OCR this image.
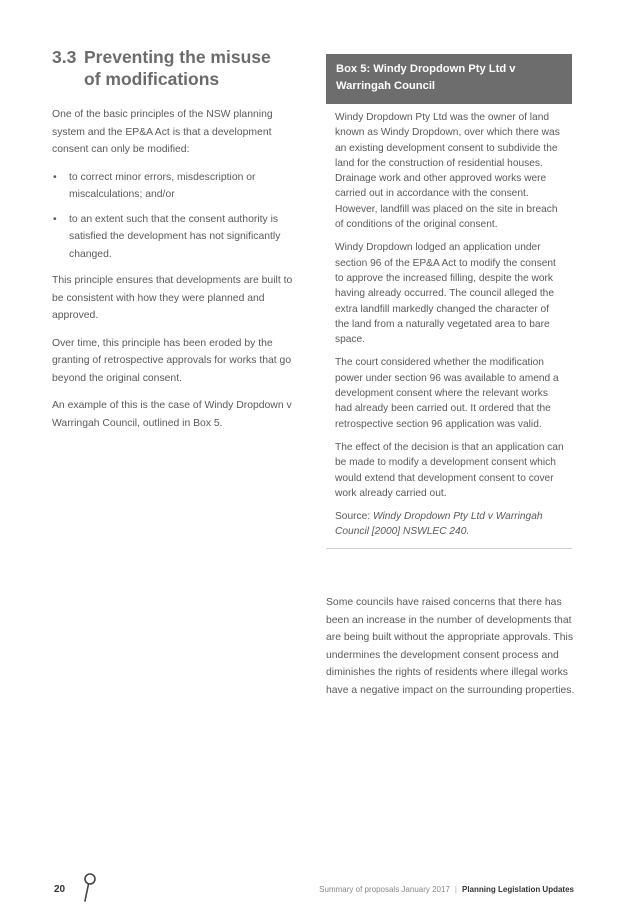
3.3 Preventing the misuse of modifications

One of the basic principles of the NSW planning system and the EP&A Act is that a development consent can only be modified:

• to correct minor errors, misdescription or miscalculations; and/or
• to an extent such that the consent authority is satisfied the development has not significantly changed.

This principle ensures that developments are built to be consistent with how they were planned and approved.

Over time, this principle has been eroded by the granting of retrospective approvals for works that go beyond the original consent.

An example of this is the case of Windy Dropdown v Warringah Council, outlined in Box 5.

Box 5: Windy Dropdown Pty Ltd v Warringah Council

Windy Dropdown Pty Ltd was the owner of land known as Windy Dropdown, over which there was an existing development consent to subdivide the land for the construction of residential houses. Drainage work and other approved works were carried out in accordance with the consent. However, landfill was placed on the site in breach of conditions of the original consent.

Windy Dropdown lodged an application under section 96 of the EP&A Act to modify the consent to approve the increased filling, despite the work having already occurred. The council alleged the extra landfill markedly changed the character of the land from a naturally vegetated area to bare space.

The court considered whether the modification power under section 96 was available to amend a development consent where the relevant works had already been carried out. It ordered that the retrospective section 96 application was valid.

The effect of the decision is that an application can be made to modify a development consent which would extend that development consent to cover work already carried out.

Source: Windy Dropdown Pty Ltd v Warringah Council [2000] NSWLEC 240.

Some councils have raised concerns that there has been an increase in the number of developments that are being built without the appropriate approvals. This undermines the development consent process and diminishes the rights of residents where illegal works have a negative impact on the surrounding properties.

20	Summary of proposals January 2017 | Planning Legislation Updates
